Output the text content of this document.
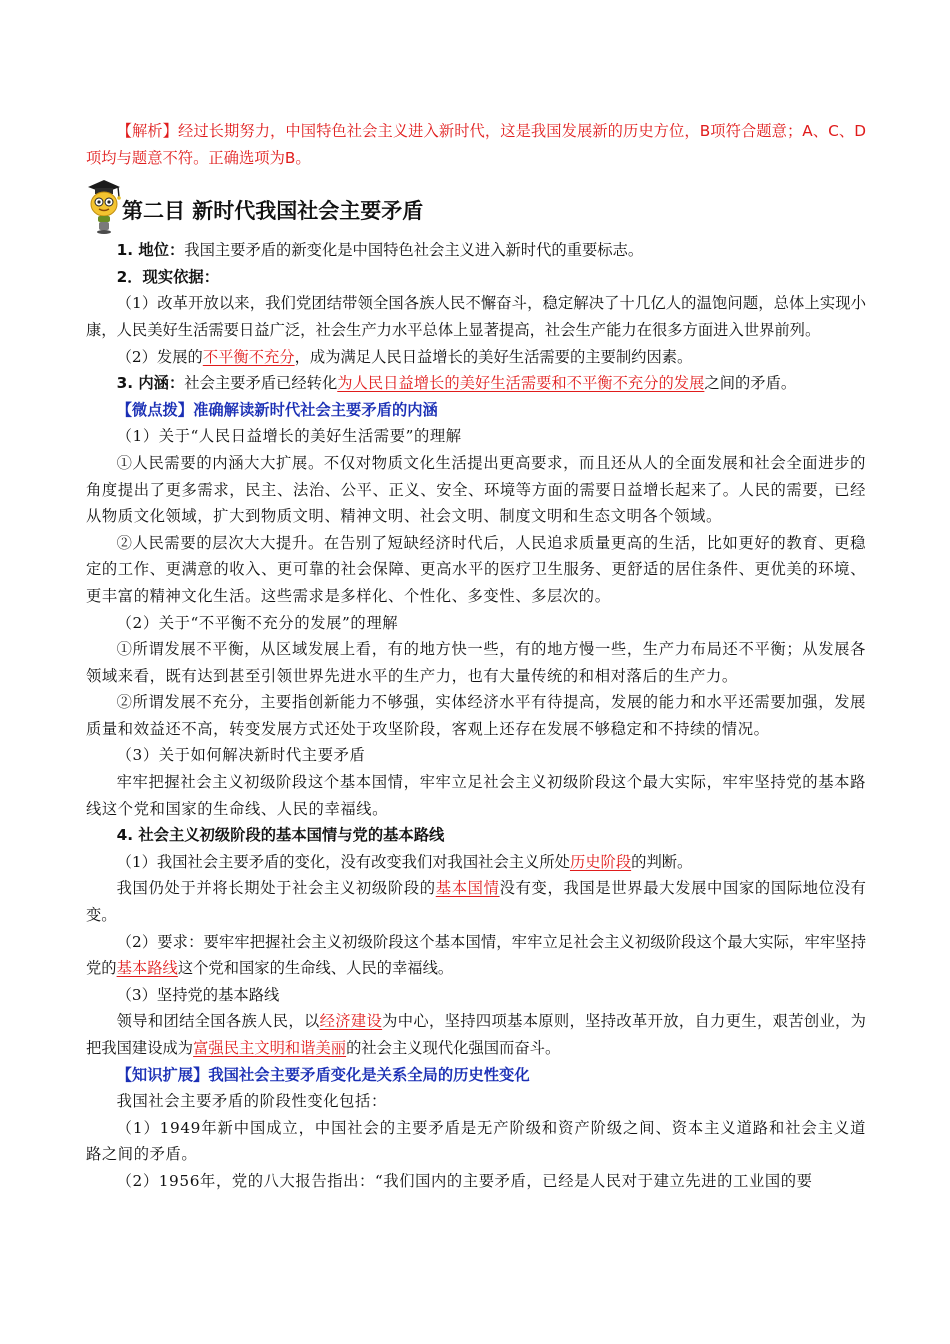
【解析】经过长期努力，中国特色社会主义进入新时代，这是我国发展新的历史方位，B项符合题意；A、C、D项均与题意不符。正确选项为B。

第二目 新时代我国社会主要矛盾

1. 地位：我国主要矛盾的新变化是中国特色社会主义进入新时代的重要标志。

2．现实依据：

（1）改革开放以来，我们党团结带领全国各族人民不懈奋斗，稳定解决了十几亿人的温饱问题，总体上实现小康，人民美好生活需要日益广泛，社会生产力水平总体上显著提高，社会生产能力在很多方面进入世界前列。

（2）发展的不平衡不充分，成为满足人民日益增长的美好生活需要的主要制约因素。

3. 内涵：社会主要矛盾已经转化为人民日益增长的美好生活需要和不平衡不充分的发展之间的矛盾。

【微点拨】准确解读新时代社会主要矛盾的内涵

（1）关于“人民日益增长的美好生活需要”的理解

①人民需要的内涵大大扩展。不仅对物质文化生活提出更高要求，而且还从人的全面发展和社会全面进步的角度提出了更多需求，民主、法治、公平、正义、安全、环境等方面的需要日益增长起来了。人民的需要，已经从物质文化领域，扩大到物质文明、精神文明、社会文明、制度文明和生态文明各个领域。

②人民需要的层次大大提升。在告别了短缺经济时代后，人民追求质量更高的生活，比如更好的教育、更稳定的工作、更满意的收入、更可靠的社会保障、更高水平的医疗卫生服务、更舒适的居住条件、更优美的环境、更丰富的精神文化生活。这些需求是多样化、个性化、多变性、多层次的。

（2）关于“不平衡不充分的发展”的理解

①所谓发展不平衡，从区域发展上看，有的地方快一些，有的地方慢一些，生产力布局还不平衡；从发展各领域来看，既有达到甚至引领世界先进水平的生产力，也有大量传统的和相对落后的生产力。

②所谓发展不充分，主要指创新能力不够强，实体经济水平有待提高，发展的能力和水平还需要加强，发展质量和效益还不高，转变发展方式还处于攻坚阶段，客观上还存在发展不够稳定和不持续的情况。

（3）关于如何解决新时代主要矛盾

牢牢把握社会主义初级阶段这个基本国情，牢牢立足社会主义初级阶段这个最大实际，牢牢坚持党的基本路线这个党和国家的生命线、人民的幸福线。

4. 社会主义初级阶段的基本国情与党的基本路线

（1）我国社会主要矛盾的变化，没有改变我们对我国社会主义所处历史阶段的判断。

我国仍处于并将长期处于社会主义初级阶段的基本国情没有变，我国是世界最大发展中国家的国际地位没有变。

（2）要求：要牢牢把握社会主义初级阶段这个基本国情，牢牢立足社会主义初级阶段这个最大实际，牢牢坚持党的基本路线这个党和国家的生命线、人民的幸福线。

（3）坚持党的基本路线

领导和团结全国各族人民，以经济建设为中心，坚持四项基本原则，坚持改革开放，自力更生，艰苦创业，为把我国建设成为富强民主文明和谐美丽的社会主义现代化强国而奋斗。

【知识扩展】我国社会主要矛盾变化是关系全局的历史性变化

我国社会主要矛盾的阶段性变化包括：

（1）1949年新中国成立，中国社会的主要矛盾是无产阶级和资产阶级之间、资本主义道路和社会主义道路之间的矛盾。

（2）1956年，党的八大报告指出：“我们国内的主要矛盾，已经是人民对于建立先进的工业国的要
